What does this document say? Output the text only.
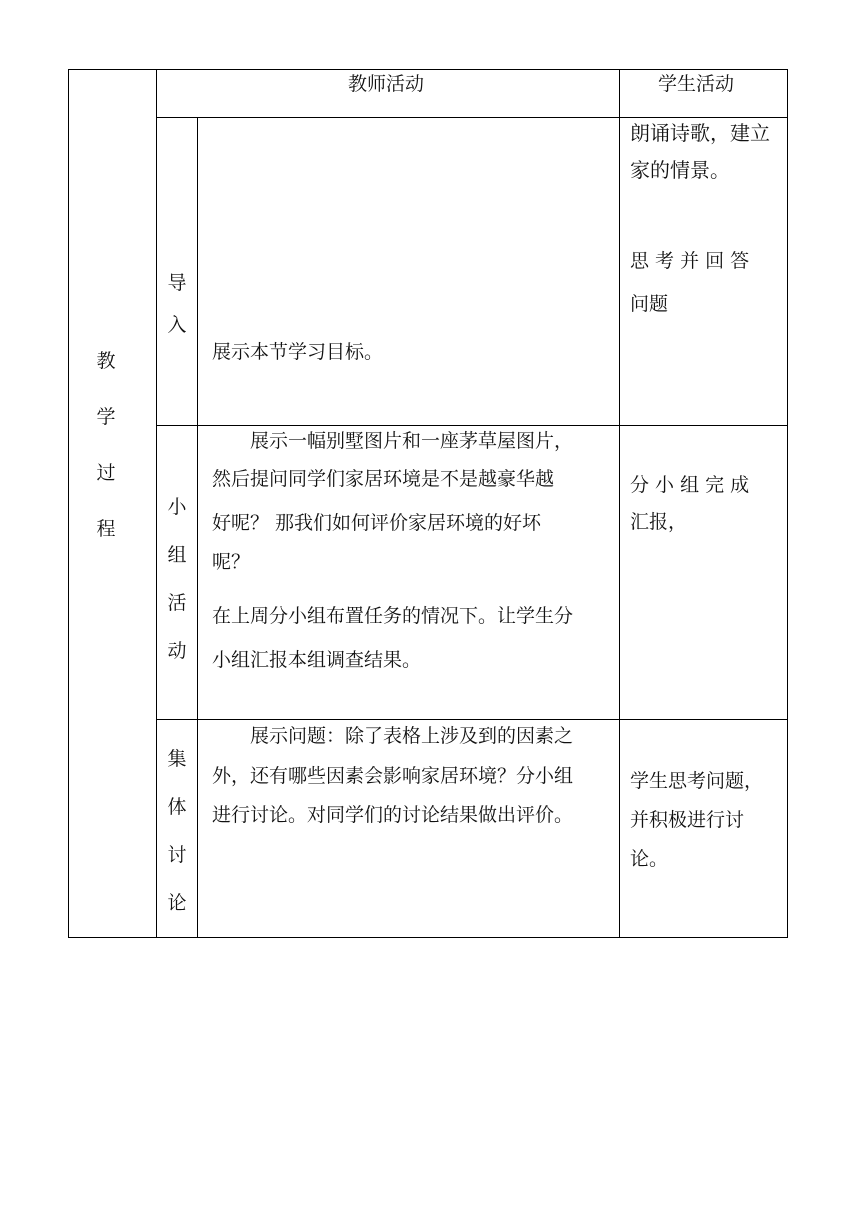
教师活动	学生活动
教
学
过
程
导
入
展示本节学习目标。
朗诵诗歌，建立
家的情景。
思 考 并 回 答
问题
小
组
活
动
　　展示一幅别墅图片和一座茅草屋图片，
然后提问同学们家居环境是不是越豪华越
好呢？ 那我们如何评价家居环境的好坏
呢？
在上周分小组布置任务的情况下。让学生分
小组汇报本组调查结果。
分 小 组 完 成
汇报，
集
体
讨
论
　　展示问题：除了表格上涉及到的因素之
外，还有哪些因素会影响家居环境？分小组
进行讨论。对同学们的讨论结果做出评价。
学生思考问题，
并积极进行讨
论。
